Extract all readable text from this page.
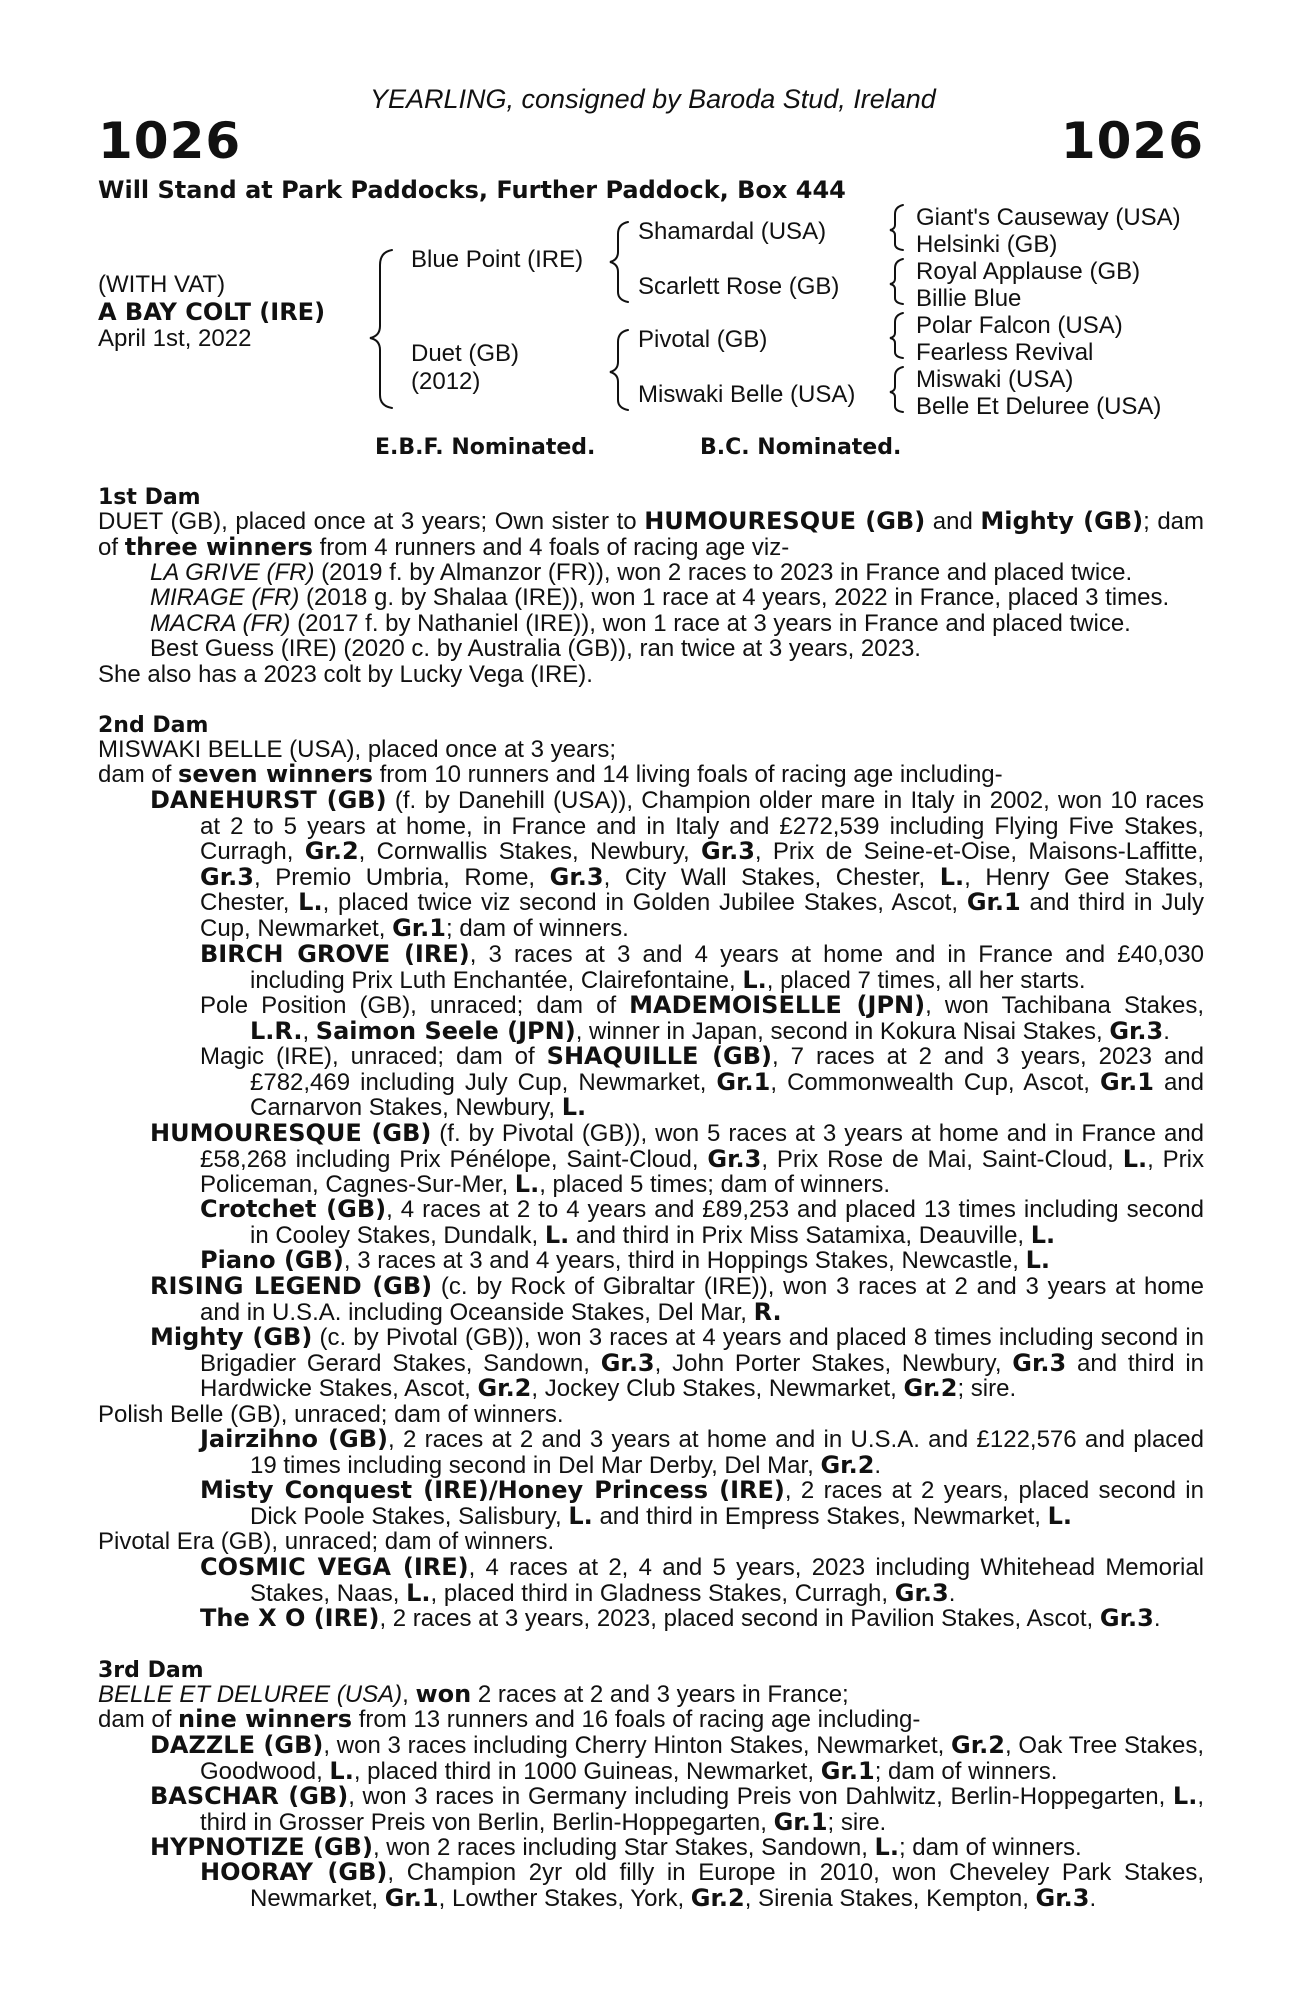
YEARLING, consigned by Baroda Stud, Ireland
1026	1026
Will Stand at Park Paddocks, Further Paddock, Box 444
(WITH VAT)
A BAY COLT (IRE)
April 1st, 2022
Blue Point (IRE)
Duet (GB)
(2012)
Shamardal (USA)
Scarlett Rose (GB)
Pivotal (GB)
Miswaki Belle (USA)
Giant's Causeway (USA)
Helsinki (GB)
Royal Applause (GB)
Billie Blue
Polar Falcon (USA)
Fearless Revival
Miswaki (USA)
Belle Et Deluree (USA)
E.B.F. Nominated.	B.C. Nominated.
1st Dam
DUET (GB), placed once at 3 years; Own sister to HUMOURESQUE (GB) and Mighty (GB); dam of three winners from 4 runners and 4 foals of racing age viz-
LA GRIVE (FR) (2019 f. by Almanzor (FR)), won 2 races to 2023 in France and placed twice.
MIRAGE (FR) (2018 g. by Shalaa (IRE)), won 1 race at 4 years, 2022 in France, placed 3 times.
MACRA (FR) (2017 f. by Nathaniel (IRE)), won 1 race at 3 years in France and placed twice.
Best Guess (IRE) (2020 c. by Australia (GB)), ran twice at 3 years, 2023.
She also has a 2023 colt by Lucky Vega (IRE).
2nd Dam
MISWAKI BELLE (USA), placed once at 3 years;
dam of seven winners from 10 runners and 14 living foals of racing age including-
DANEHURST (GB) (f. by Danehill (USA)), Champion older mare in Italy in 2002, won 10 races at 2 to 5 years at home, in France and in Italy and £272,539 including Flying Five Stakes, Curragh, Gr.2, Cornwallis Stakes, Newbury, Gr.3, Prix de Seine-et-Oise, Maisons-Laffitte, Gr.3, Premio Umbria, Rome, Gr.3, City Wall Stakes, Chester, L., Henry Gee Stakes, Chester, L., placed twice viz second in Golden Jubilee Stakes, Ascot, Gr.1 and third in July Cup, Newmarket, Gr.1; dam of winners.
BIRCH GROVE (IRE), 3 races at 3 and 4 years at home and in France and £40,030 including Prix Luth Enchantée, Clairefontaine, L., placed 7 times, all her starts.
Pole Position (GB), unraced; dam of MADEMOISELLE (JPN), won Tachibana Stakes, L.R., Saimon Seele (JPN), winner in Japan, second in Kokura Nisai Stakes, Gr.3.
Magic (IRE), unraced; dam of SHAQUILLE (GB), 7 races at 2 and 3 years, 2023 and £782,469 including July Cup, Newmarket, Gr.1, Commonwealth Cup, Ascot, Gr.1 and Carnarvon Stakes, Newbury, L.
HUMOURESQUE (GB) (f. by Pivotal (GB)), won 5 races at 3 years at home and in France and £58,268 including Prix Pénélope, Saint-Cloud, Gr.3, Prix Rose de Mai, Saint-Cloud, L., Prix Policeman, Cagnes-Sur-Mer, L., placed 5 times; dam of winners.
Crotchet (GB), 4 races at 2 to 4 years and £89,253 and placed 13 times including second in Cooley Stakes, Dundalk, L. and third in Prix Miss Satamixa, Deauville, L.
Piano (GB), 3 races at 3 and 4 years, third in Hoppings Stakes, Newcastle, L.
RISING LEGEND (GB) (c. by Rock of Gibraltar (IRE)), won 3 races at 2 and 3 years at home and in U.S.A. including Oceanside Stakes, Del Mar, R.
Mighty (GB) (c. by Pivotal (GB)), won 3 races at 4 years and placed 8 times including second in Brigadier Gerard Stakes, Sandown, Gr.3, John Porter Stakes, Newbury, Gr.3 and third in Hardwicke Stakes, Ascot, Gr.2, Jockey Club Stakes, Newmarket, Gr.2; sire.
Polish Belle (GB), unraced; dam of winners.
Jairzihno (GB), 2 races at 2 and 3 years at home and in U.S.A. and £122,576 and placed 19 times including second in Del Mar Derby, Del Mar, Gr.2.
Misty Conquest (IRE)/Honey Princess (IRE), 2 races at 2 years, placed second in Dick Poole Stakes, Salisbury, L. and third in Empress Stakes, Newmarket, L.
Pivotal Era (GB), unraced; dam of winners.
COSMIC VEGA (IRE), 4 races at 2, 4 and 5 years, 2023 including Whitehead Memorial Stakes, Naas, L., placed third in Gladness Stakes, Curragh, Gr.3.
The X O (IRE), 2 races at 3 years, 2023, placed second in Pavilion Stakes, Ascot, Gr.3.
3rd Dam
BELLE ET DELUREE (USA), won 2 races at 2 and 3 years in France;
dam of nine winners from 13 runners and 16 foals of racing age including-
DAZZLE (GB), won 3 races including Cherry Hinton Stakes, Newmarket, Gr.2, Oak Tree Stakes, Goodwood, L., placed third in 1000 Guineas, Newmarket, Gr.1; dam of winners.
BASCHAR (GB), won 3 races in Germany including Preis von Dahlwitz, Berlin-Hoppegarten, L., third in Grosser Preis von Berlin, Berlin-Hoppegarten, Gr.1; sire.
HYPNOTIZE (GB), won 2 races including Star Stakes, Sandown, L.; dam of winners.
HOORAY (GB), Champion 2yr old filly in Europe in 2010, won Cheveley Park Stakes, Newmarket, Gr.1, Lowther Stakes, York, Gr.2, Sirenia Stakes, Kempton, Gr.3.
